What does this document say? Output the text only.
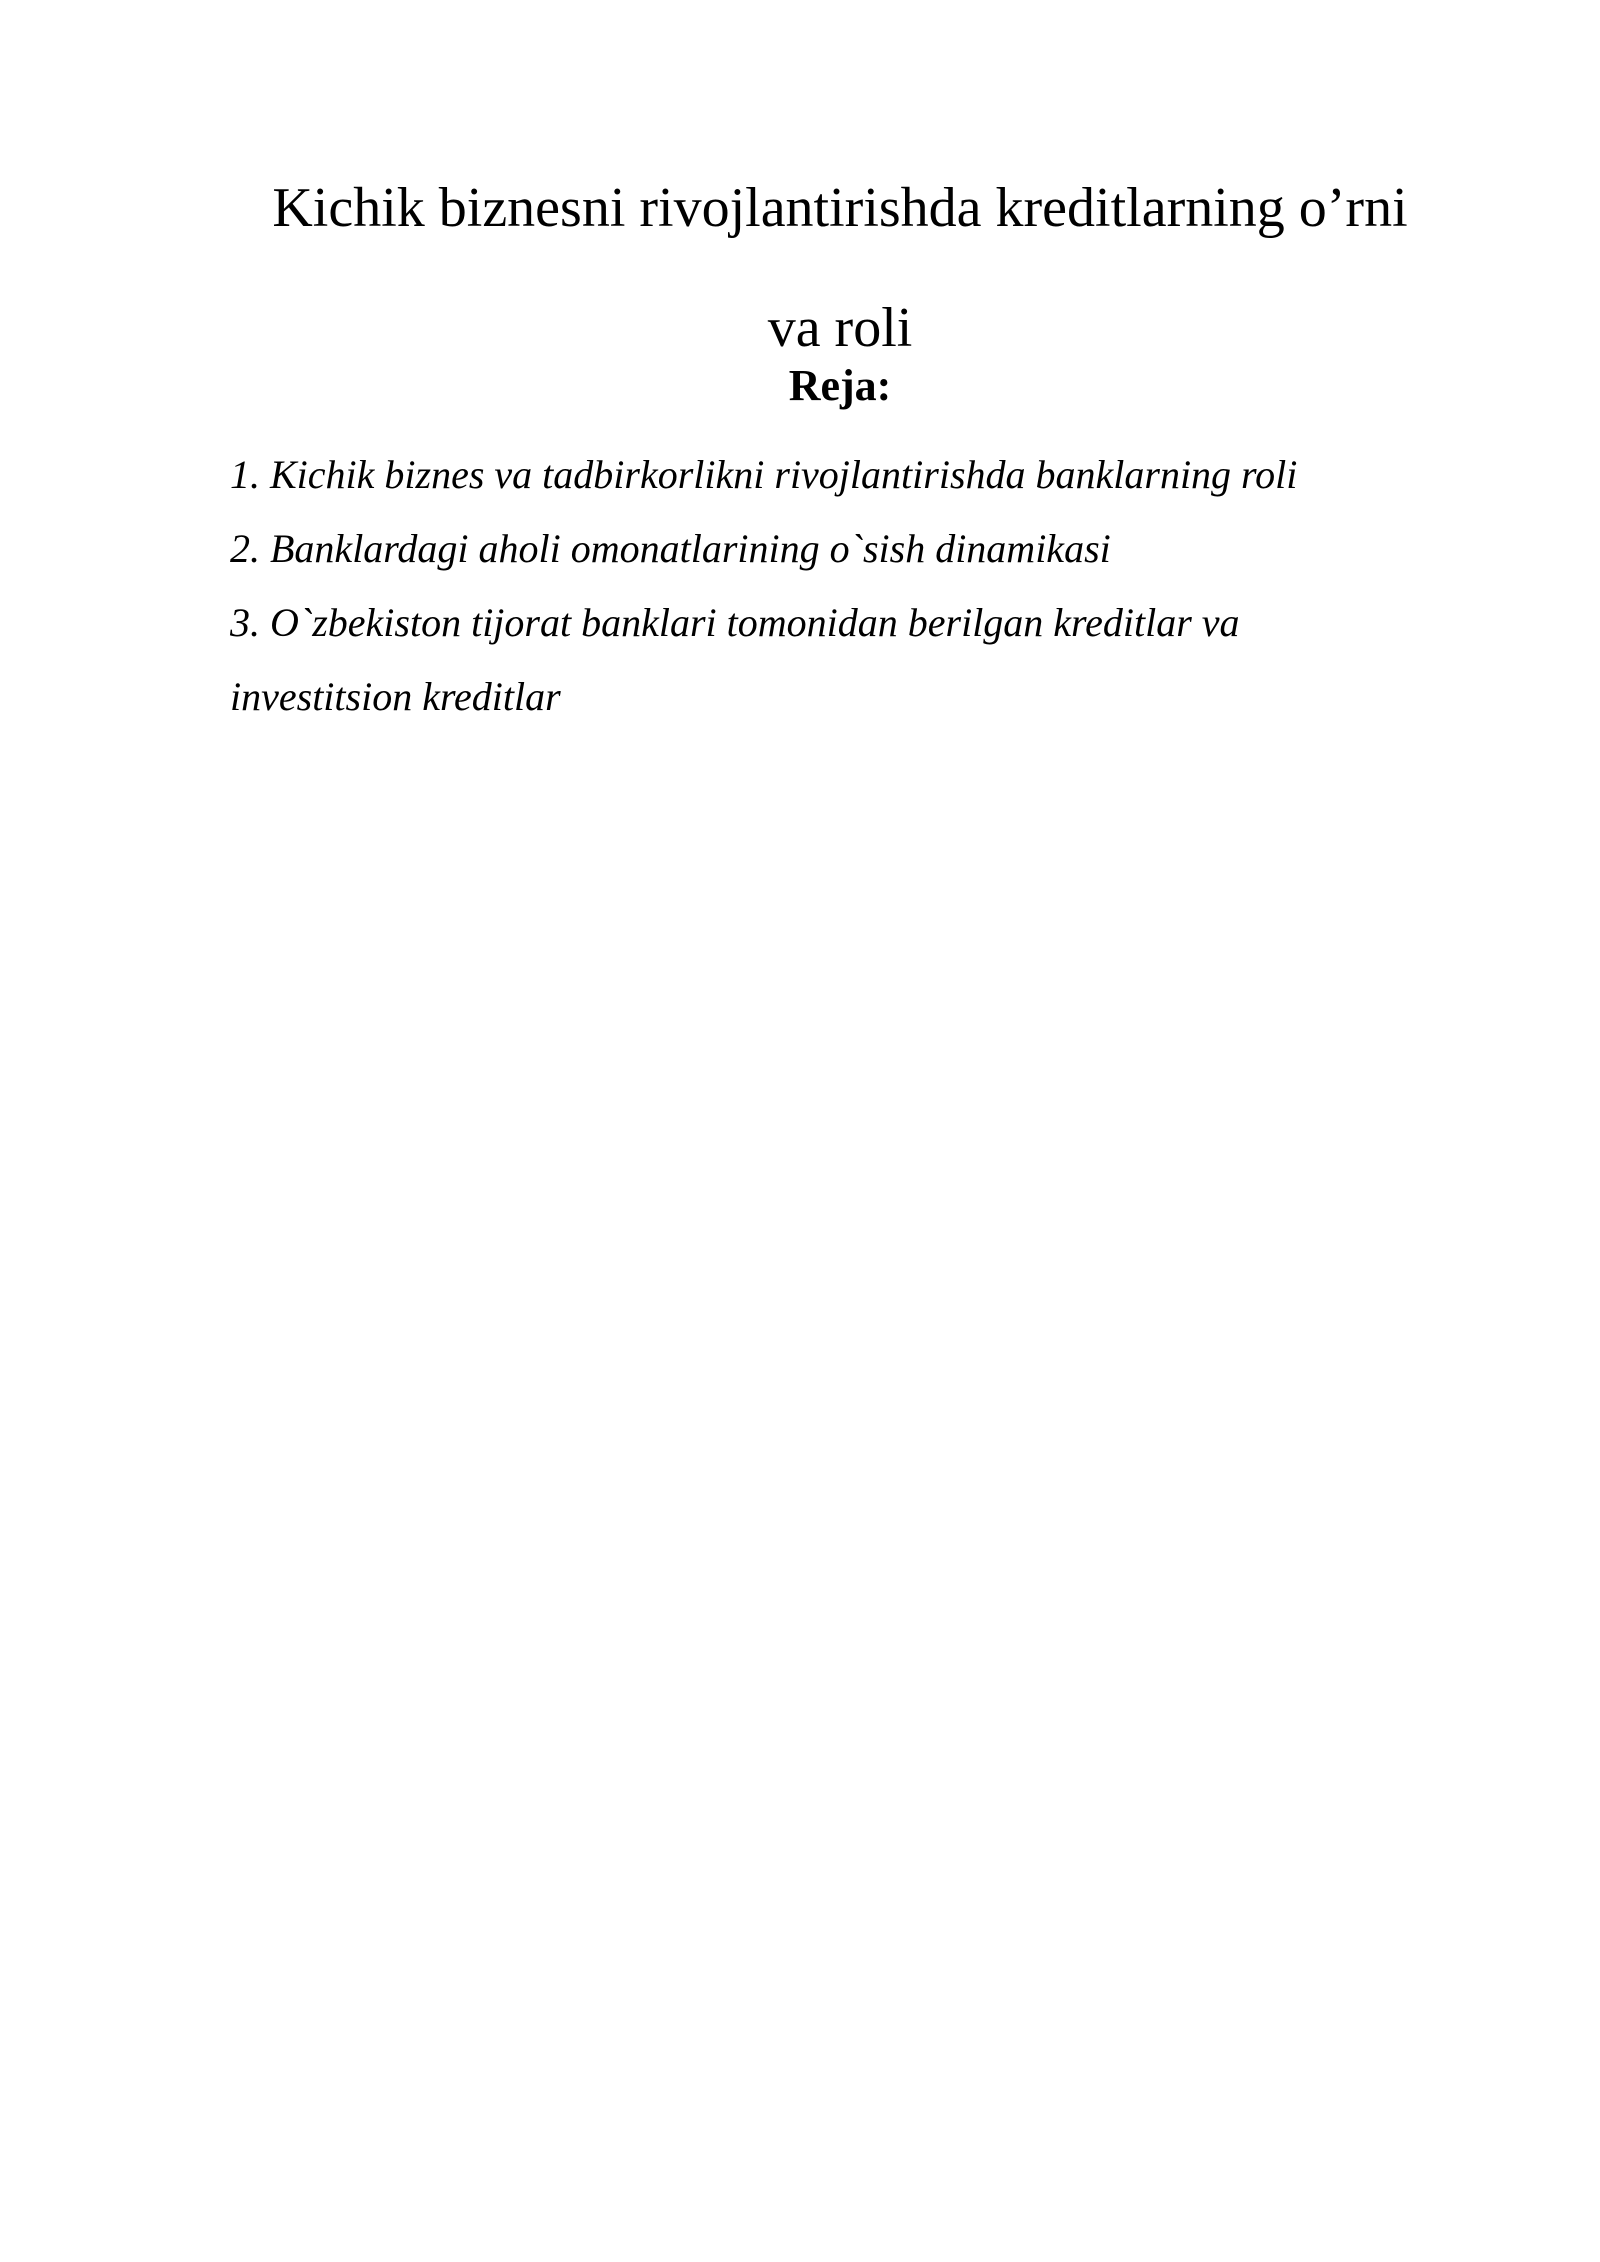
Kichik biznesni rivojlantirishda kreditlarning o’rni
va roli
Reja:
1. Kichik biznes va tadbirkorlikni rivojlantirishda banklarning roli
2. Banklardagi aholi omonatlarining o`sish dinamikasi
3. O`zbekiston tijorat banklari tomonidan berilgan kreditlar va
investitsion kreditlar
